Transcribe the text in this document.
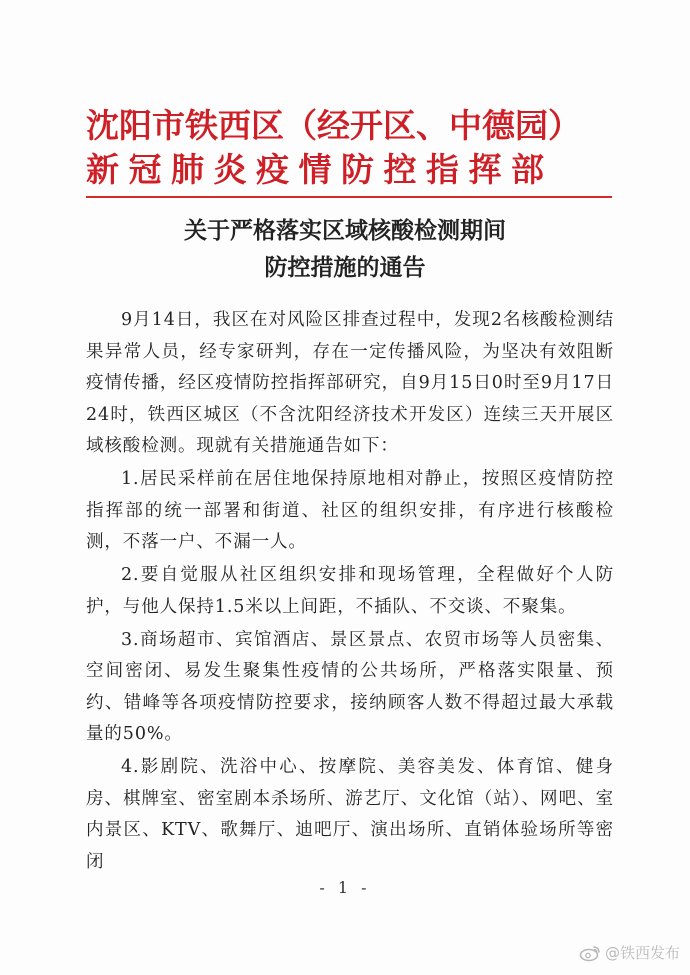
沈阳市铁西区（经开区、中德园）
新冠肺炎疫情防控指挥部
关于严格落实区域核酸检测期间
防控措施的通告

9月14日，我区在对风险区排查过程中，发现2名核酸检测结果异常人员，经专家研判，存在一定传播风险，为坚决有效阻断疫情传播，经区疫情防控指挥部研究，自9月15日0时至9月17日24时，铁西区城区（不含沈阳经济技术开发区）连续三天开展区域核酸检测。现就有关措施通告如下：

1.居民采样前在居住地保持原地相对静止，按照区疫情防控指挥部的统一部署和街道、社区的组织安排，有序进行核酸检测，不落一户、不漏一人。

2.要自觉服从社区组织安排和现场管理，全程做好个人防护，与他人保持1.5米以上间距，不插队、不交谈、不聚集。

3.商场超市、宾馆酒店、景区景点、农贸市场等人员密集、空间密闭、易发生聚集性疫情的公共场所，严格落实限量、预约、错峰等各项疫情防控要求，接纳顾客人数不得超过最大承载量的50%。

4.影剧院、洗浴中心、按摩院、美容美发、体育馆、健身房、棋牌室、密室剧本杀场所、游艺厅、文化馆（站）、网吧、室内景区、KTV、歌舞厅、迪吧厅、演出场所、直销体验场所等密闭

- 1 -
@铁西发布
